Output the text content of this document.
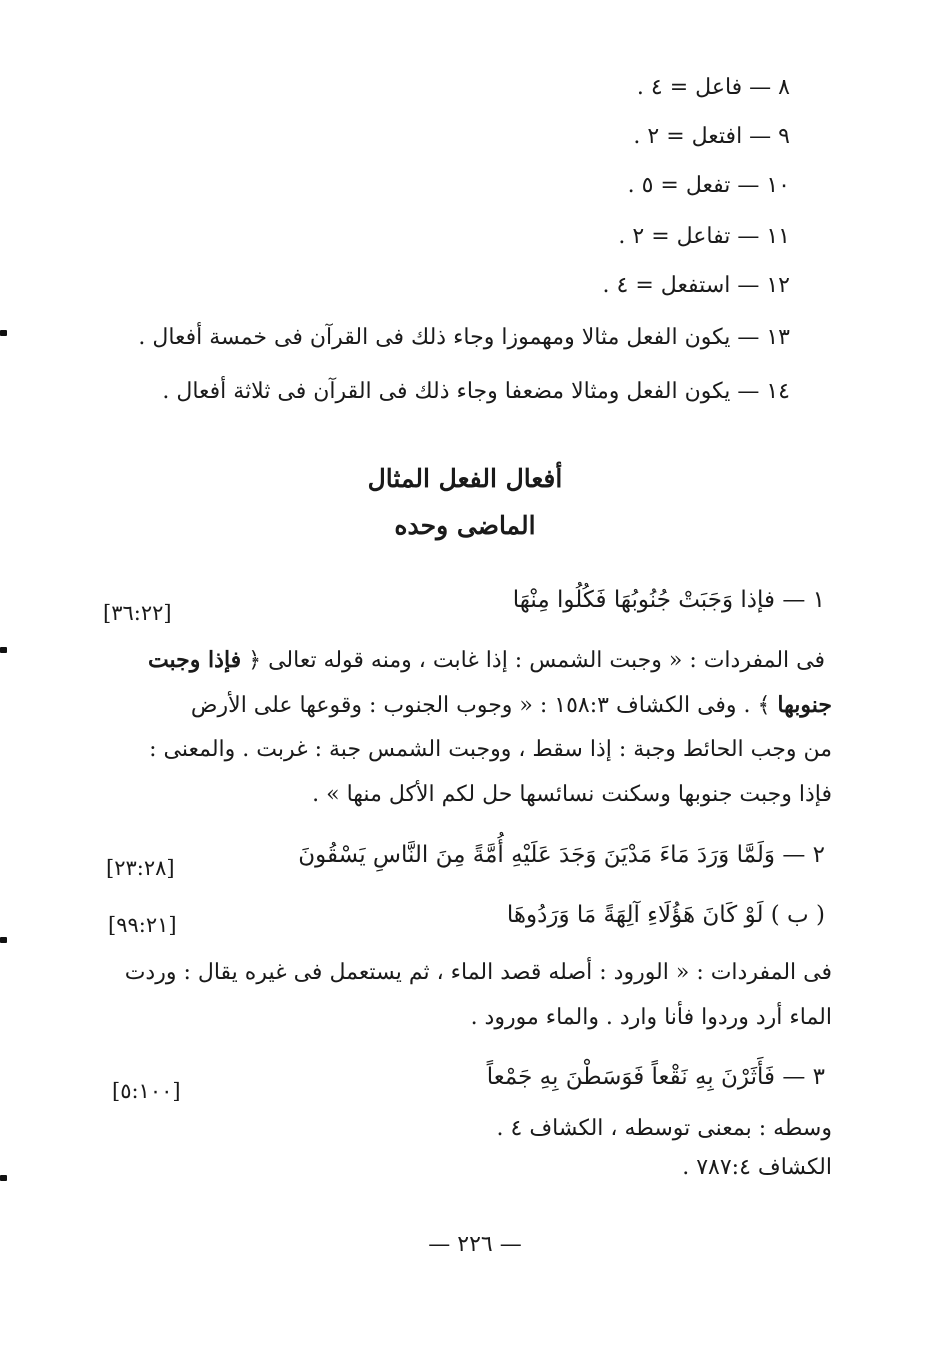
٨ — فاعل = ٤ .
٩ — افتعل = ٢ .
١٠ — تفعل = ٥ .
١١ — تفاعل = ٢ .
١٢ — استفعل = ٤ .
١٣ — يكون الفعل مثالا ومهموزا وجاء ذلك فى القرآن فى خمسة أفعال .
١٤ — يكون الفعل ومثالا مضعفا وجاء ذلك فى القرآن فى ثلاثة أفعال .
أفعال الفعل المثال
الماضى وحده
١ — فإذا وَجَبَتْ جُنُوبُهَا فَكُلُوا مِنْهَا
[٣٦:٢٢]
فى المفردات : « وجبت الشمس : إذا غابت ، ومنه قوله تعالى ﴿ فإذا وجبت
جنوبها ﴾ . وفى الكشاف ١٥٨:٣ : « وجوب الجنوب : وقوعها على الأرض
من وجب الحائط وجبة : إذا سقط ، ووجبت الشمس جبة : غربت . والمعنى :
فإذا وجبت جنوبها وسكنت نسائسها حل لكم الأكل منها » .
٢ — وَلَمَّا وَرَدَ مَاءَ مَدْيَنَ وَجَدَ عَلَيْهِ أُمَّةً مِنَ النَّاسِ يَسْقُونَ
[٢٣:٢٨]
( ب ) لَوْ كَانَ هَؤُلَاءِ آلِهَةً مَا وَرَدُوهَا
[٩٩:٢١]
فى المفردات : « الورود : أصله قصد الماء ، ثم يستعمل فى غيره يقال : وردت
الماء أرد وردوا فأنا وارد . والماء مورود .
٣ — فَأَثَرْنَ بِهِ نَقْعاً فَوَسَطْنَ بِهِ جَمْعاً
[٥:١٠٠]
وسطه : بمعنى توسطه ، الكشاف ٤ .
الكشاف ٧٨٧:٤ .
— ٢٢٦ —
